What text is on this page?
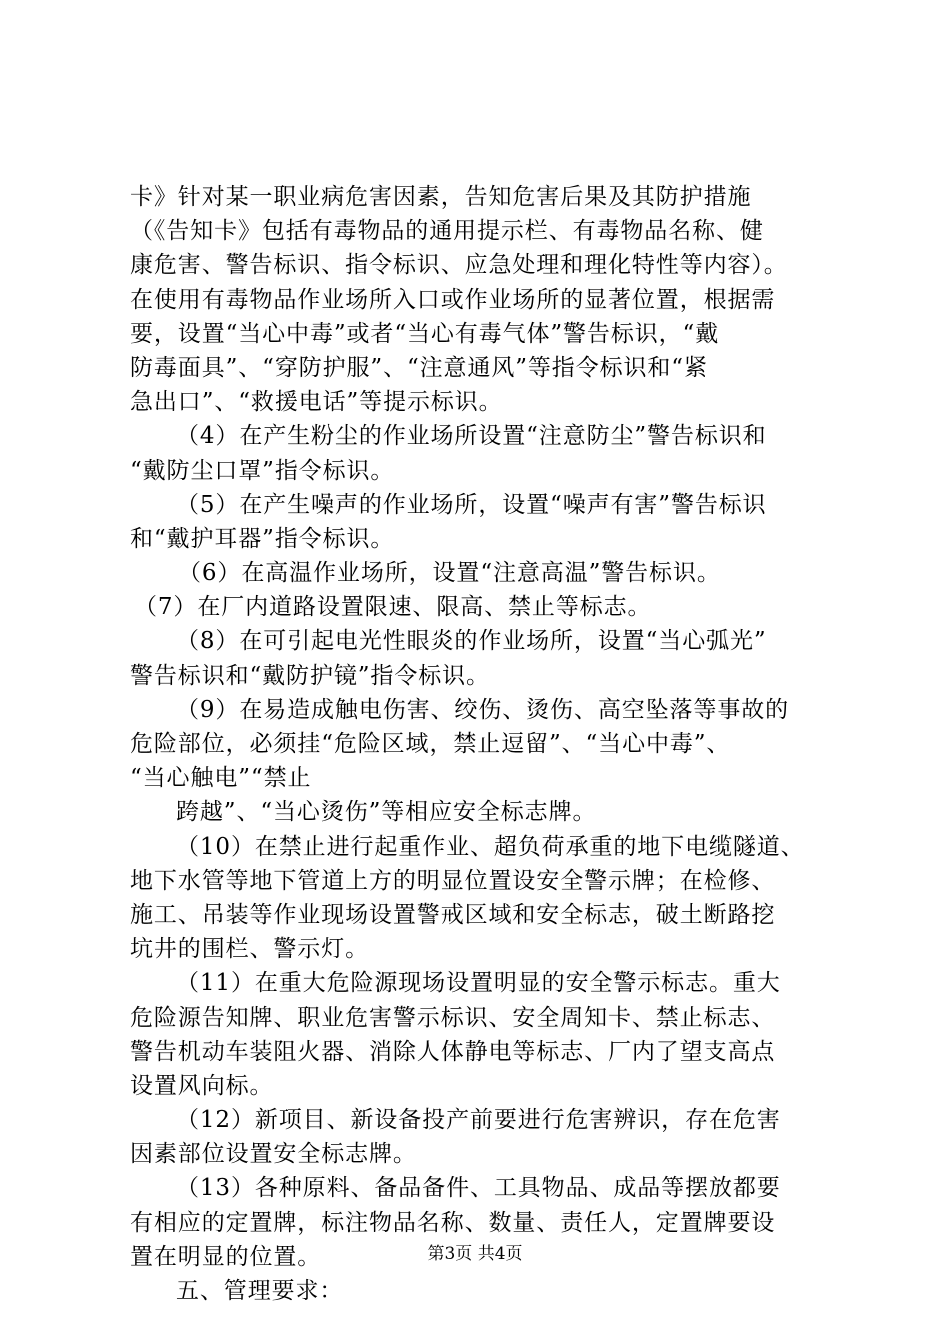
卡》针对某一职业病危害因素，告知危害后果及其防护措施
（《告知卡》包括有毒物品的通用提示栏、有毒物品名称、健
康危害、警告标识、指令标识、应急处理和理化特性等内容）。
在使用有毒物品作业场所入口或作业场所的显著位置，根据需
要，设置“当心中毒”或者“当心有毒气体”警告标识，“戴
防毒面具”、“穿防护服”、“注意通风”等指令标识和“紧
急出口”、“救援电话”等提示标识。
（4）在产生粉尘的作业场所设置“注意防尘”警告标识和
“戴防尘口罩”指令标识。
（5）在产生噪声的作业场所，设置“噪声有害”警告标识
和“戴护耳器”指令标识。
（6）在高温作业场所，设置“注意高温”警告标识。
（7）在厂内道路设置限速、限高、禁止等标志。
（8）在可引起电光性眼炎的作业场所，设置“当心弧光”
警告标识和“戴防护镜”指令标识。
（9）在易造成触电伤害、绞伤、烫伤、高空坠落等事故的
危险部位，必须挂“危险区域，禁止逗留”、“当心中毒”、
“当心触电”“禁止
跨越”、“当心烫伤”等相应安全标志牌。
（10）在禁止进行起重作业、超负荷承重的地下电缆隧道、
地下水管等地下管道上方的明显位置设安全警示牌；在检修、
施工、吊装等作业现场设置警戒区域和安全标志，破土断路挖
坑井的围栏、警示灯。
（11）在重大危险源现场设置明显的安全警示标志。重大
危险源告知牌、职业危害警示标识、安全周知卡、禁止标志、
警告机动车装阻火器、消除人体静电等标志、厂内了望支高点
设置风向标。
（12）新项目、新设备投产前要进行危害辨识，存在危害
因素部位设置安全标志牌。
（13）各种原料、备品备件、工具物品、成品等摆放都要
有相应的定置牌，标注物品名称、数量、责任人，定置牌要设
置在明显的位置。
五、管理要求：
第3页 共4页
